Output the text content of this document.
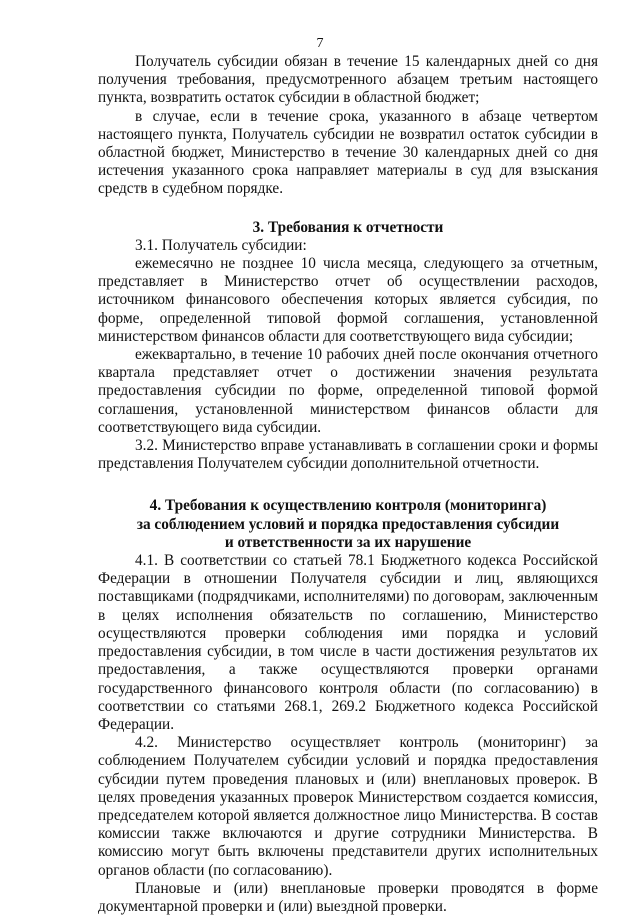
7

Получатель субсидии обязан в течение 15 календарных дней со дня получения требования, предусмотренного абзацем третьим настоящего пункта, возвратить остаток субсидии в областной бюджет;

в случае, если в течение срока, указанного в абзаце четвертом настоящего пункта, Получатель субсидии не возвратил остаток субсидии в областной бюджет, Министерство в течение 30 календарных дней со дня истечения указанного срока направляет материалы в суд для взыскания средств в судебном порядке.

3. Требования к отчетности

3.1. Получатель субсидии:

ежемесячно не позднее 10 числа месяца, следующего за отчетным, представляет в Министерство отчет об осуществлении расходов, источником финансового обеспечения которых является субсидия, по форме, определенной типовой формой соглашения, установленной министерством финансов области для соответствующего вида субсидии;

ежеквартально, в течение 10 рабочих дней после окончания отчетного квартала представляет отчет о достижении значения результата предоставления субсидии по форме, определенной типовой формой соглашения, установленной министерством финансов области для соответствующего вида субсидии.

3.2. Министерство вправе устанавливать в соглашении сроки и формы представления Получателем субсидии дополнительной отчетности.

4. Требования к осуществлению контроля (мониторинга)
за соблюдением условий и порядка предоставления субсидии
и ответственности за их нарушение

4.1. В соответствии со статьей 78.1 Бюджетного кодекса Российской Федерации в отношении Получателя субсидии и лиц, являющихся поставщиками (подрядчиками, исполнителями) по договорам, заключенным в целях исполнения обязательств по соглашению, Министерство осуществляются проверки соблюдения ими порядка и условий предоставления субсидии, в том числе в части достижения результатов их предоставления, а также осуществляются проверки органами государственного финансового контроля области (по согласованию) в соответствии со статьями 268.1, 269.2 Бюджетного кодекса Российской Федерации.

4.2. Министерство осуществляет контроль (мониторинг) за соблюдением Получателем субсидии условий и порядка предоставления субсидии путем проведения плановых и (или) внеплановых проверок. В целях проведения указанных проверок Министерством создается комиссия, председателем которой является должностное лицо Министерства. В состав комиссии также включаются и другие сотрудники Министерства. В комиссию могут быть включены представители других исполнительных органов области (по согласованию).

Плановые и (или) внеплановые проверки проводятся в форме документарной проверки и (или) выездной проверки.
